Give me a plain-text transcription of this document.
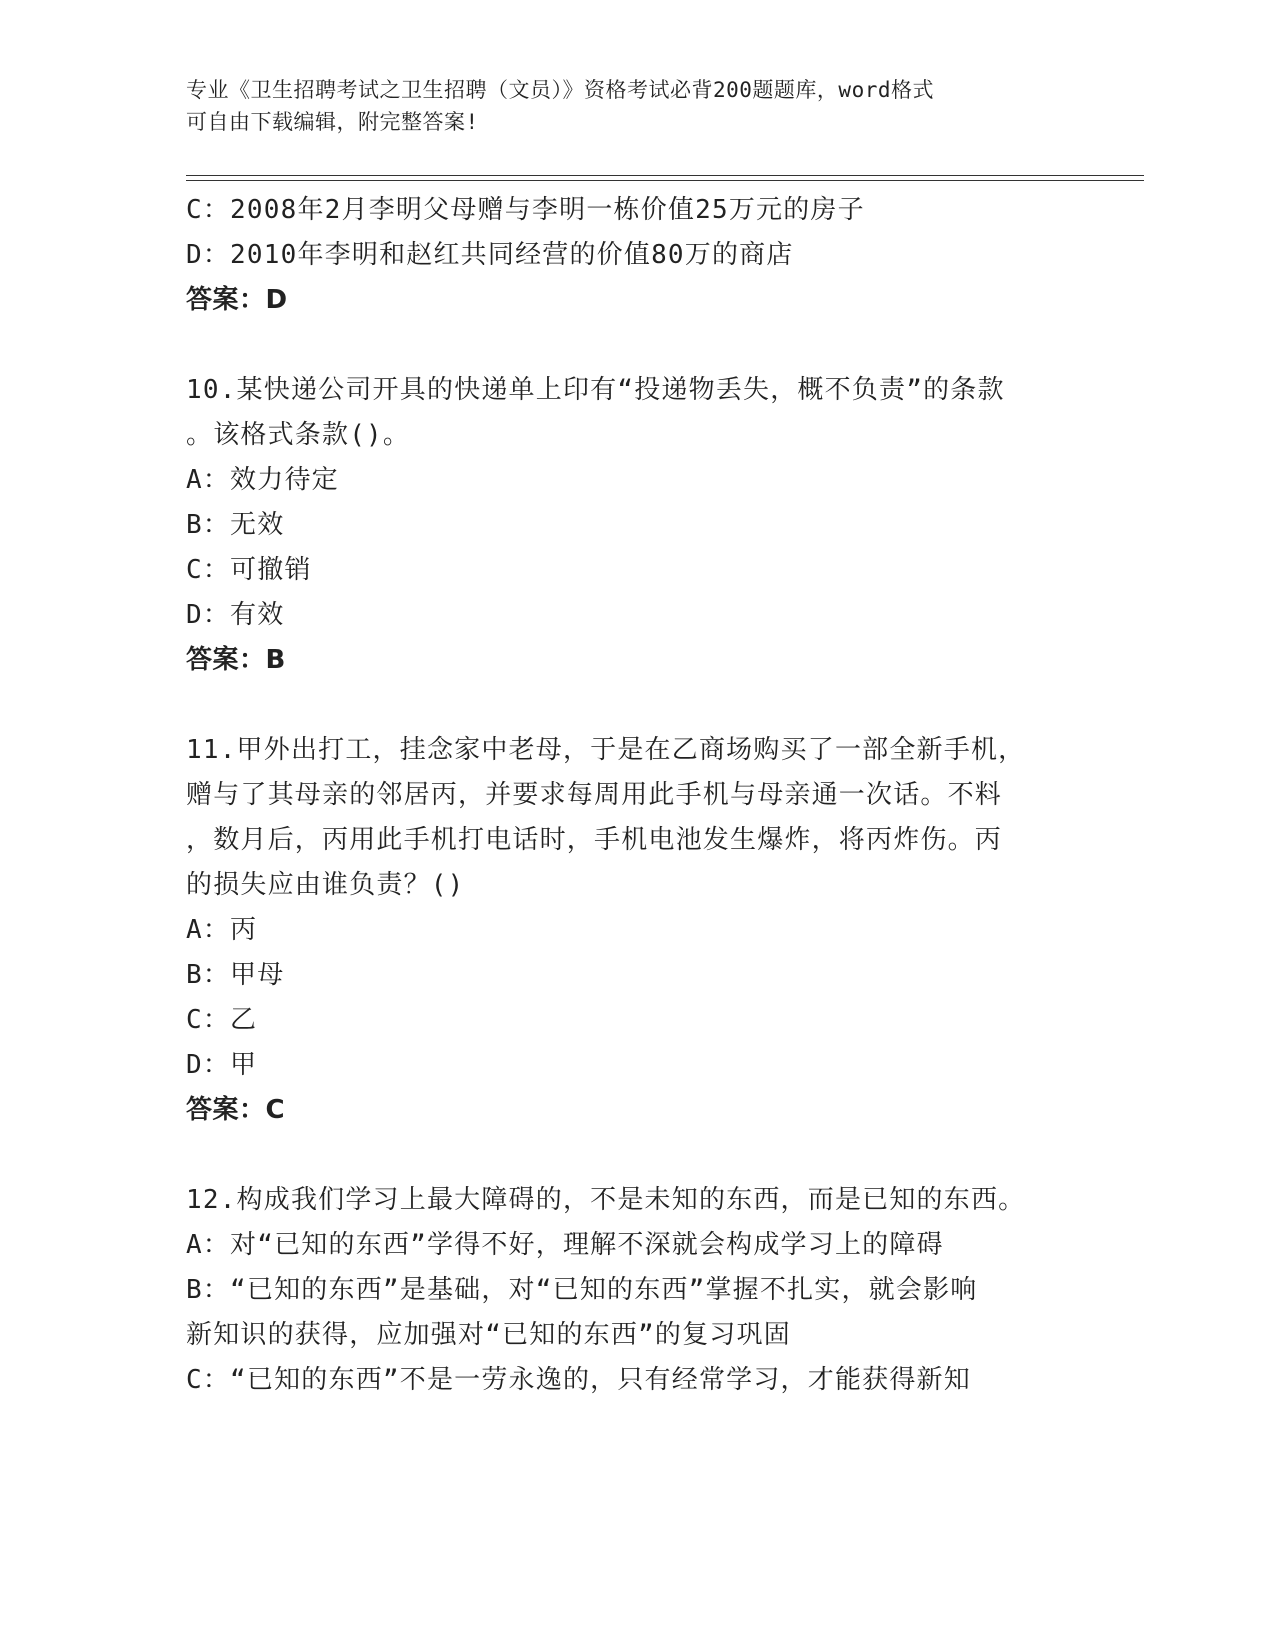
专业《卫生招聘考试之卫生招聘（文员）》资格考试必背200题题库，word格式
可自由下载编辑，附完整答案!
C：2008年2月李明父母赠与李明一栋价值25万元的房子
D：2010年李明和赵红共同经营的价值80万的商店
答案：D
10.某快递公司开具的快递单上印有“投递物丢失，概不负责”的条款
。该格式条款()。
A：效力待定
B：无效
C：可撤销
D：有效
答案：B
11.甲外出打工，挂念家中老母，于是在乙商场购买了一部全新手机，
赠与了其母亲的邻居丙，并要求每周用此手机与母亲通一次话。不料
，数月后，丙用此手机打电话时，手机电池发生爆炸，将丙炸伤。丙
的损失应由谁负责？()
A：丙
B：甲母
C：乙
D：甲
答案：C
12.构成我们学习上最大障碍的，不是未知的东西，而是已知的东西。
A：对“已知的东西”学得不好，理解不深就会构成学习上的障碍
B：“已知的东西”是基础，对“已知的东西”掌握不扎实，就会影响
新知识的获得，应加强对“已知的东西”的复习巩固
C：“已知的东西”不是一劳永逸的，只有经常学习，才能获得新知
